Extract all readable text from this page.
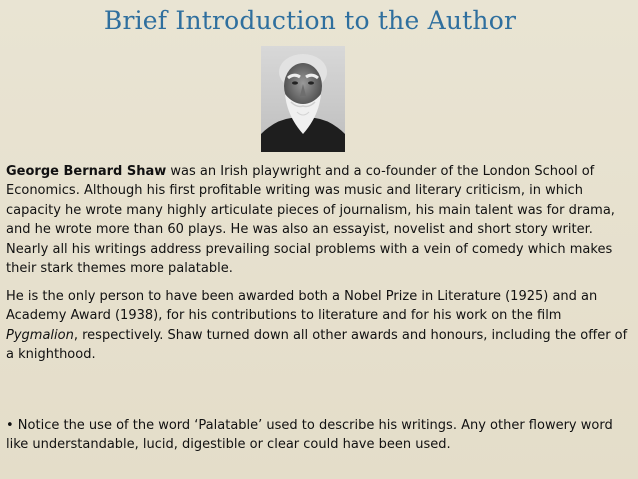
Brief Introduction to the Author
George Bernard Shaw was an Irish playwright and a co-founder of the London School of Economics. Although his first profitable writing was music and literary criticism, in which capacity he wrote many highly articulate pieces of journalism, his main talent was for drama, and he wrote more than 60 plays. He was also an essayist, novelist and short story writer. Nearly all his writings address prevailing social problems with a vein of comedy which makes their stark themes more palatable.
He is the only person to have been awarded both a Nobel Prize in Literature (1925) and an Academy Award (1938), for his contributions to literature and for his work on the film Pygmalion, respectively. Shaw turned down all other awards and honours, including the offer of a knighthood.
• Notice the use of the word ‘Palatable’ used to describe his writings. Any other flowery word like understandable, lucid, digestible or clear could have been used.
